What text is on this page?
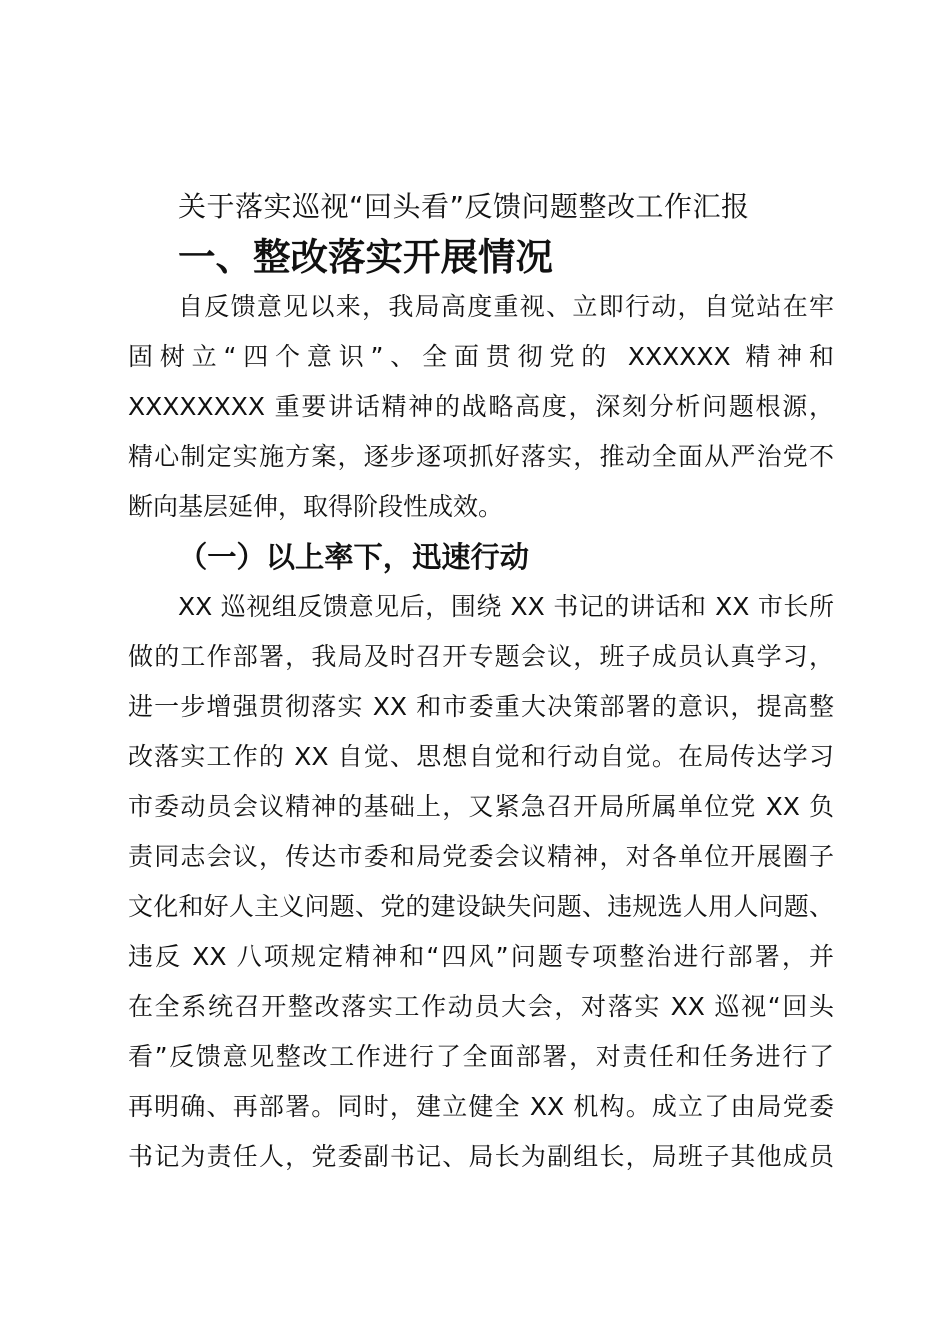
关于落实巡视“回头看”反馈问题整改工作汇报
一、整改落实开展情况
自反馈意见以来，我局高度重视、立即行动，自觉站在牢
固树立“四个意识”、全面贯彻党的 XXXXXX 精神和
XXXXXXXX 重要讲话精神的战略高度，深刻分析问题根源，
精心制定实施方案，逐步逐项抓好落实，推动全面从严治党不
断向基层延伸，取得阶段性成效。
（一）以上率下，迅速行动
XX 巡视组反馈意见后，围绕 XX 书记的讲话和 XX 市长所
做的工作部署，我局及时召开专题会议，班子成员认真学习，
进一步增强贯彻落实 XX 和市委重大决策部署的意识，提高整
改落实工作的 XX 自觉、思想自觉和行动自觉。在局传达学习
市委动员会议精神的基础上，又紧急召开局所属单位党 XX 负
责同志会议，传达市委和局党委会议精神，对各单位开展圈子
文化和好人主义问题、党的建设缺失问题、违规选人用人问题、
违反 XX 八项规定精神和“四风”问题专项整治进行部署，并
在全系统召开整改落实工作动员大会，对落实 XX 巡视“回头
看”反馈意见整改工作进行了全面部署，对责任和任务进行了
再明确、再部署。同时，建立健全 XX 机构。成立了由局党委
书记为责任人，党委副书记、局长为副组长，局班子其他成员
